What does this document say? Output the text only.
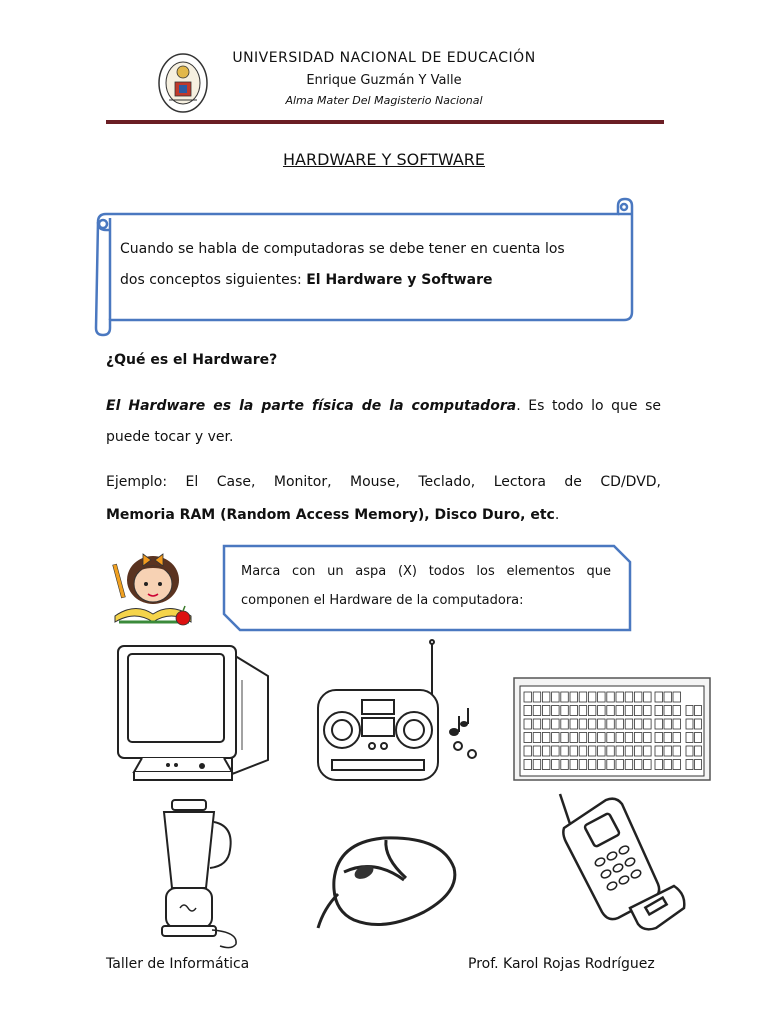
UNIVERSIDAD NACIONAL DE EDUCACIÓN
Enrique Guzmán Y Valle
Alma Mater Del Magisterio Nacional
HARDWARE Y SOFTWARE
Cuando se habla de computadoras se debe tener en cuenta los
dos conceptos siguientes: El Hardware y Software
¿Qué es el Hardware?
El Hardware es la parte física de la computadora. Es todo lo que se
puede tocar y ver.
Ejemplo: El Case, Monitor, Mouse, Teclado, Lectora de CD/DVD,
Memoria RAM (Random Access Memory), Disco Duro, etc.
Marca con un aspa (X) todos los elementos que
componen el Hardware de la computadora:
Taller de Informática	Prof. Karol Rojas Rodríguez
